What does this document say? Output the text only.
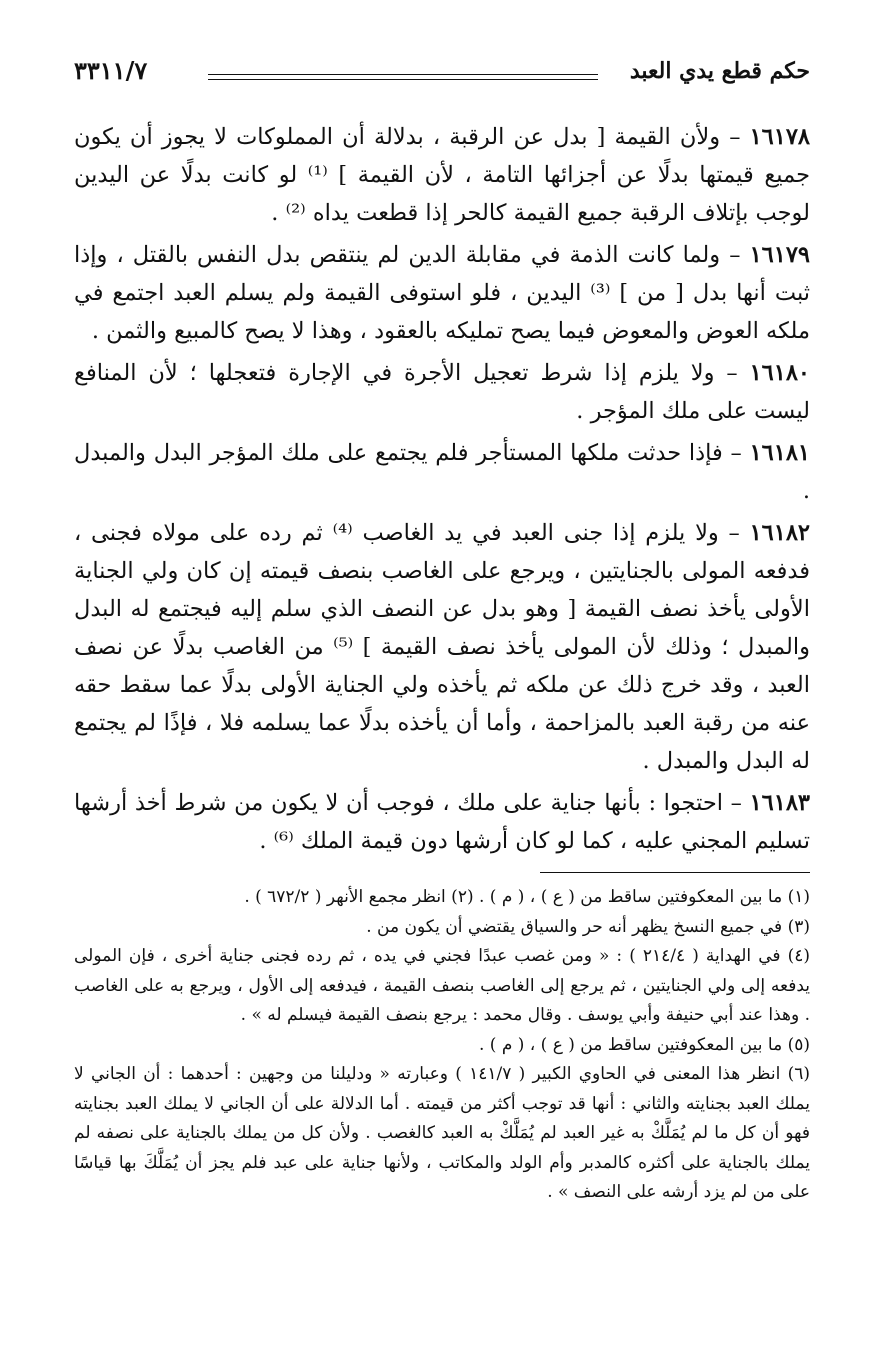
حكم قطع يدي العبد
٣٣١١/٧

١٦١٧٨ – ولأن القيمة [ بدل عن الرقبة ، بدلالة أن المملوكات لا يجوز أن يكون جميع قيمتها بدلًا عن أجزائها التامة ، لأن القيمة ] ⁽¹⁾ لو كانت بدلًا عن اليدين لوجب بإتلاف الرقبة جميع القيمة كالحر إذا قطعت يداه ⁽²⁾ .

١٦١٧٩ – ولما كانت الذمة في مقابلة الدين لم ينتقص بدل النفس بالقتل ، وإذا ثبت أنها بدل [ من ] ⁽³⁾ اليدين ، فلو استوفى القيمة ولم يسلم العبد اجتمع في ملكه العوض والمعوض فيما يصح تمليكه بالعقود ، وهذا لا يصح كالمبيع والثمن .

١٦١٨٠ – ولا يلزم إذا شرط تعجيل الأجرة في الإجارة فتعجلها ؛ لأن المنافع ليست على ملك المؤجر .

١٦١٨١ – فإذا حدثت ملكها المستأجر فلم يجتمع على ملك المؤجر البدل والمبدل .

١٦١٨٢ – ولا يلزم إذا جنى العبد في يد الغاصب ⁽⁴⁾ ثم رده على مولاه فجنى ، فدفعه المولى بالجنايتين ، ويرجع على الغاصب بنصف قيمته إن كان ولي الجناية الأولى يأخذ نصف القيمة [ وهو بدل عن النصف الذي سلم إليه فيجتمع له البدل والمبدل ؛ وذلك لأن المولى يأخذ نصف القيمة ] ⁽⁵⁾ من الغاصب بدلًا عن نصف العبد ، وقد خرج ذلك عن ملكه ثم يأخذه ولي الجناية الأولى بدلًا عما سقط حقه عنه من رقبة العبد بالمزاحمة ، وأما أن يأخذه بدلًا عما يسلمه فلا ، فإذًا لم يجتمع له البدل والمبدل .

١٦١٨٣ – احتجوا : بأنها جناية على ملك ، فوجب أن لا يكون من شرط أخذ أرشها تسليم المجني عليه ، كما لو كان أرشها دون قيمة الملك ⁽⁶⁾ .

(١) ما بين المعكوفتين ساقط من ( ع ) ، ( م ) . (٢) انظر مجمع الأنهر ( ٦٧٢/٢ ) .

(٣) في جميع النسخ يظهر أنه حر والسياق يقتضي أن يكون من .

(٤) في الهداية ( ٢١٤/٤ ) : « ومن غصب عبدًا فجني في يده ، ثم رده فجنى جناية أخرى ، فإن المولى يدفعه إلى ولي الجنايتين ، ثم يرجع إلى الغاصب بنصف القيمة ، فيدفعه إلى الأول ، ويرجع به على الغاصب . وهذا عند أبي حنيفة وأبي يوسف . وقال محمد : يرجع بنصف القيمة فيسلم له » .

(٥) ما بين المعكوفتين ساقط من ( ع ) ، ( م ) .

(٦) انظر هذا المعنى في الحاوي الكبير ( ١٤١/٧ ) وعبارته « ودليلنا من وجهين : أحدهما : أن الجاني لا يملك العبد بجنايته والثاني : أنها قد توجب أكثر من قيمته . أما الدلالة على أن الجاني لا يملك العبد بجنايته فهو أن كل ما لم يُمَلَّكْ به غير العبد لم يُمَلَّكْ به العبد كالغصب . ولأن كل من يملك بالجناية على نصفه لم يملك بالجناية على أكثره كالمدبر وأم الولد والمكاتب ، ولأنها جناية على عبد فلم يجز أن يُمَلَّكَ بها قياسًا على من لم يزد أرشه على النصف » .
